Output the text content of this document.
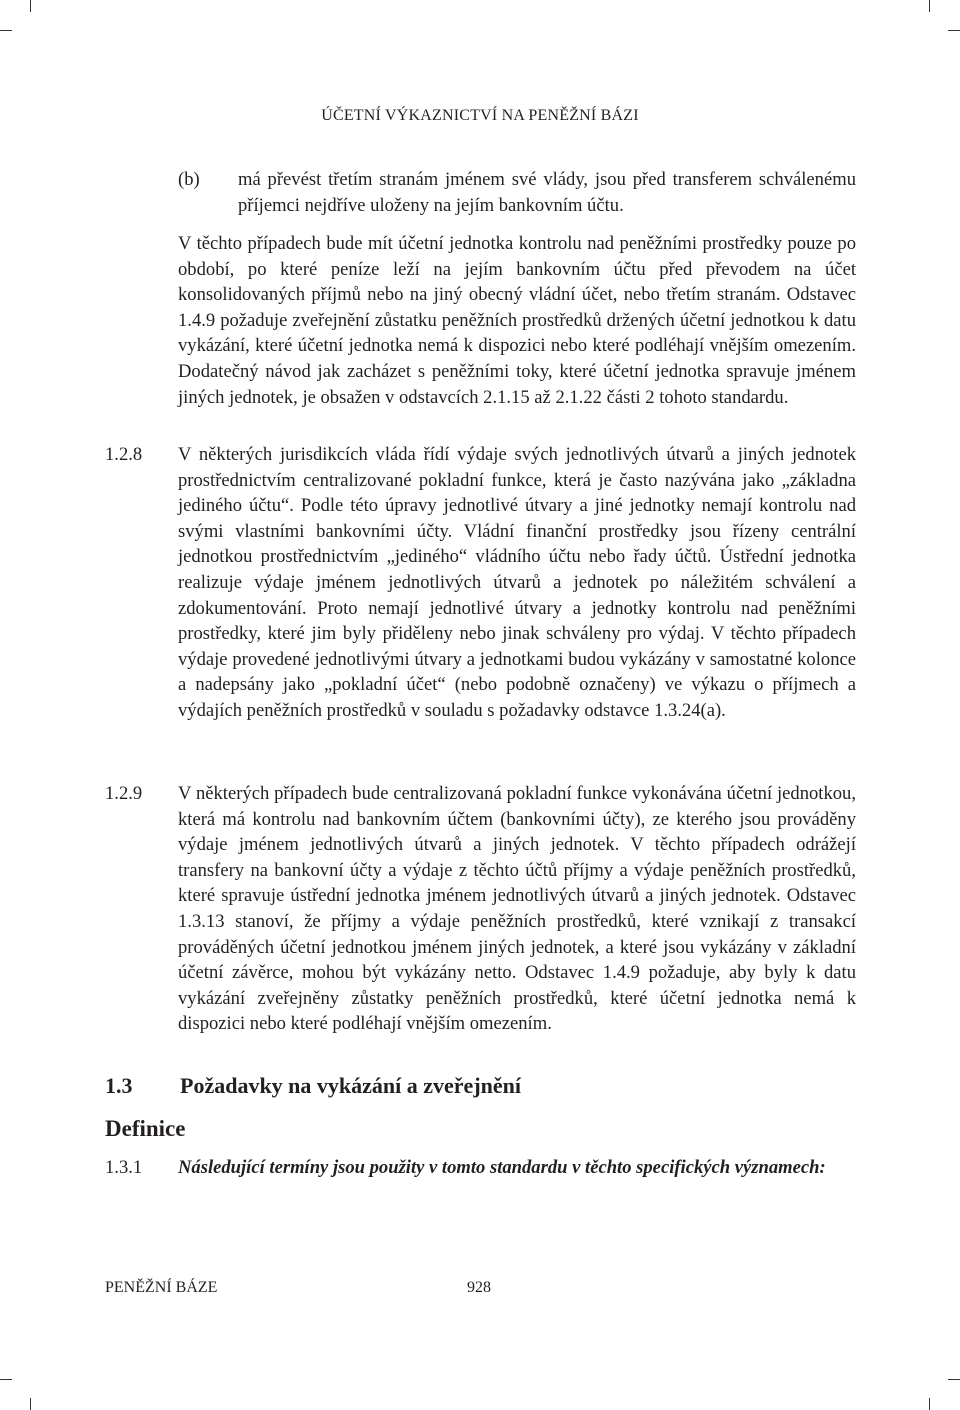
ÚČETNÍ VÝKAZNICTVÍ NA PENĚŽNÍ BÁZI
(b) má převést třetím stranám jménem své vlády, jsou před transferem schválenému příjemci nejdříve uloženy na jejím bankovním účtu.

V těchto případech bude mít účetní jednotka kontrolu nad peněžními prostředky pouze po období, po které peníze leží na jejím bankovním účtu před převodem na účet konsolidovaných příjmů nebo na jiný obecný vládní účet, nebo třetím stranám. Odstavec 1.4.9 požaduje zveřejnění zůstatku peněžních prostředků držených účetní jednotkou k datu vykázání, které účetní jednotka nemá k dispozici nebo které podléhají vnějším omezením. Dodatečný návod jak zacházet s peněžními toky, které účetní jednotka spravuje jménem jiných jednotek, je obsažen v odstavcích 2.1.15 až 2.1.22 části 2 tohoto standardu.

1.2.8 V některých jurisdikcích vláda řídí výdaje svých jednotlivých útvarů a jiných jednotek prostřednictvím centralizované pokladní funkce, která je často nazývána jako „základna jediného účtu“. Podle této úpravy jednotlivé útvary a jiné jednotky nemají kontrolu nad svými vlastními bankovními účty. Vládní finanční prostředky jsou řízeny centrální jednotkou prostřednictvím „jediného“ vládního účtu nebo řady účtů. Ústřední jednotka realizuje výdaje jménem jednotlivých útvarů a jednotek po náležitém schválení a zdokumentování. Proto nemají jednotlivé útvary a jednotky kontrolu nad peněžními prostředky, které jim byly přiděleny nebo jinak schváleny pro výdaj. V těchto případech výdaje provedené jednotlivými útvary a jednotkami budou vykázány v samostatné kolonce a nadepsány jako „pokladní účet“ (nebo podobně označeny) ve výkazu o příjmech a výdajích peněžních prostředků v souladu s požadavky odstavce 1.3.24(a).

1.2.9 V některých případech bude centralizovaná pokladní funkce vykonávána účetní jednotkou, která má kontrolu nad bankovním účtem (bankovními účty), ze kterého jsou prováděny výdaje jménem jednotlivých útvarů a jiných jednotek. V těchto případech odrážejí transfery na bankovní účty a výdaje z těchto účtů příjmy a výdaje peněžních prostředků, které spravuje ústřední jednotka jménem jednotlivých útvarů a jiných jednotek. Odstavec 1.3.13 stanoví, že příjmy a výdaje peněžních prostředků, které vznikají z transakcí prováděných účetní jednotkou jménem jiných jednotek, a které jsou vykázány v základní účetní závěrce, mohou být vykázány netto. Odstavec 1.4.9 požaduje, aby byly k datu vykázání zveřejněny zůstatky peněžních prostředků, které účetní jednotka nemá k dispozici nebo které podléhají vnějším omezením.

1.3 Požadavky na vykázání a zveřejnění
Definice
1.3.1 Následující termíny jsou použity v tomto standardu v těchto specifických významech:

PENĚŽNÍ BÁZE	928
